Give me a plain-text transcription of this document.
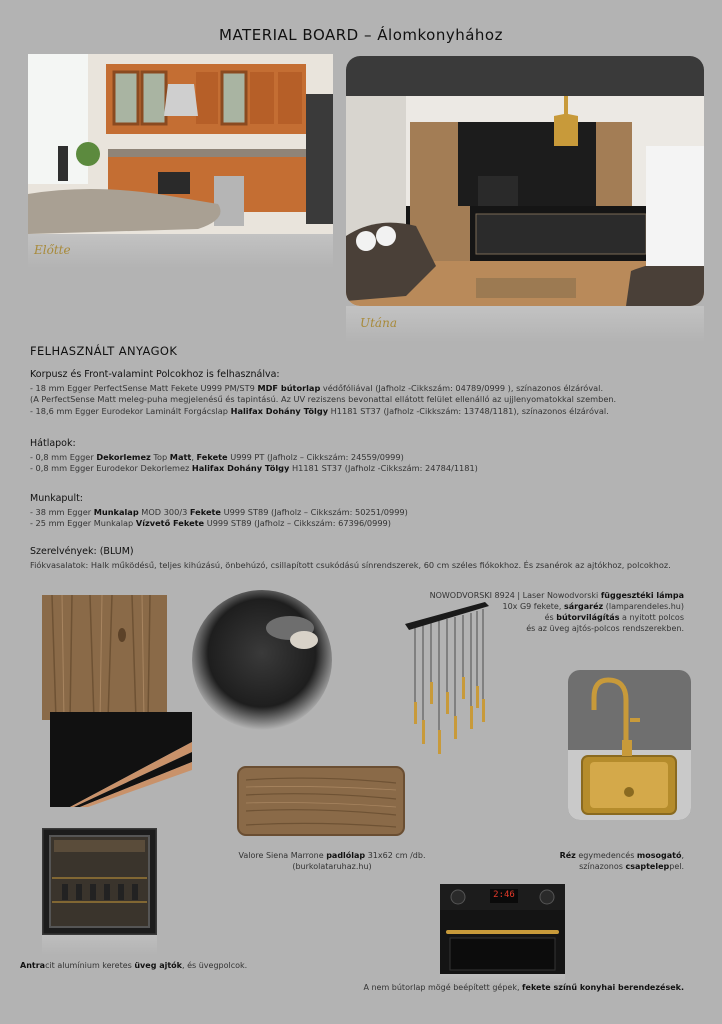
MATERIAL BOARD – Álomkonyhához
Előtte
Utána
FELHASZNÁLT ANYAGOK
Korpusz és Front-valamint Polcokhoz is felhasználva:
- 18 mm Egger PerfectSense Matt Fekete U999 PM/ST9 MDF bútorlap védőfóliával (Jafholz -Cikkszám: 04789/0999 ), színazonos élzáróval.
(A PerfectSense Matt meleg-puha megjelenésű és tapintású. Az UV reziszens bevonattal ellátott felület ellenálló az ujjlenyomatokkal szemben.
- 18,6 mm Egger Eurodekor Laminált Forgácslap Halifax Dohány Tölgy H1181 ST37 (Jafholz -Cikkszám: 13748/1181), színazonos élzáróval.
Hátlapok:
- 0,8 mm Egger Dekorlemez Top Matt, Fekete U999 PT (Jafholz – Cikkszám: 24559/0999)
- 0,8 mm Egger Eurodekor Dekorlemez Halifax Dohány Tölgy H1181 ST37 (Jafholz -Cikkszám: 24784/1181)
Munkapult:
- 38 mm Egger Munkalap MOD 300/3 Fekete U999 ST89 (Jafholz – Cikkszám: 50251/0999)
- 25 mm Egger Munkalap Vízvető Fekete U999 ST89 (Jafholz – Cikkszám: 67396/0999)
Szerelvények: (BLUM)
Fiókvasalatok: Halk működésű, teljes kihúzású, önbehúzó, csillapított csukódású sínrendszerek, 60 cm széles fiókokhoz. És zsanérok az ajtókhoz, polcokhoz.
NOWODVORSKI 8924 | Laser Nowodvorski függesztéki lámpa
10x G9 fekete, sárgaréz (lamparendeles.hu)
és bútorvilágítás a nyitott polcos
és az üveg ajtós-polcos rendszerekben.
Valore Siena Marrone padlólap 31x62 cm /db.
(burkolataruhaz.hu)
Réz egymedencés mosogató,
színazonos csapteleppel.
Antracit alumínium keretes üveg ajtók, és üvegpolcok.
2:46
A nem bútorlap mögé beépített gépek, fekete színű konyhai berendezések.
